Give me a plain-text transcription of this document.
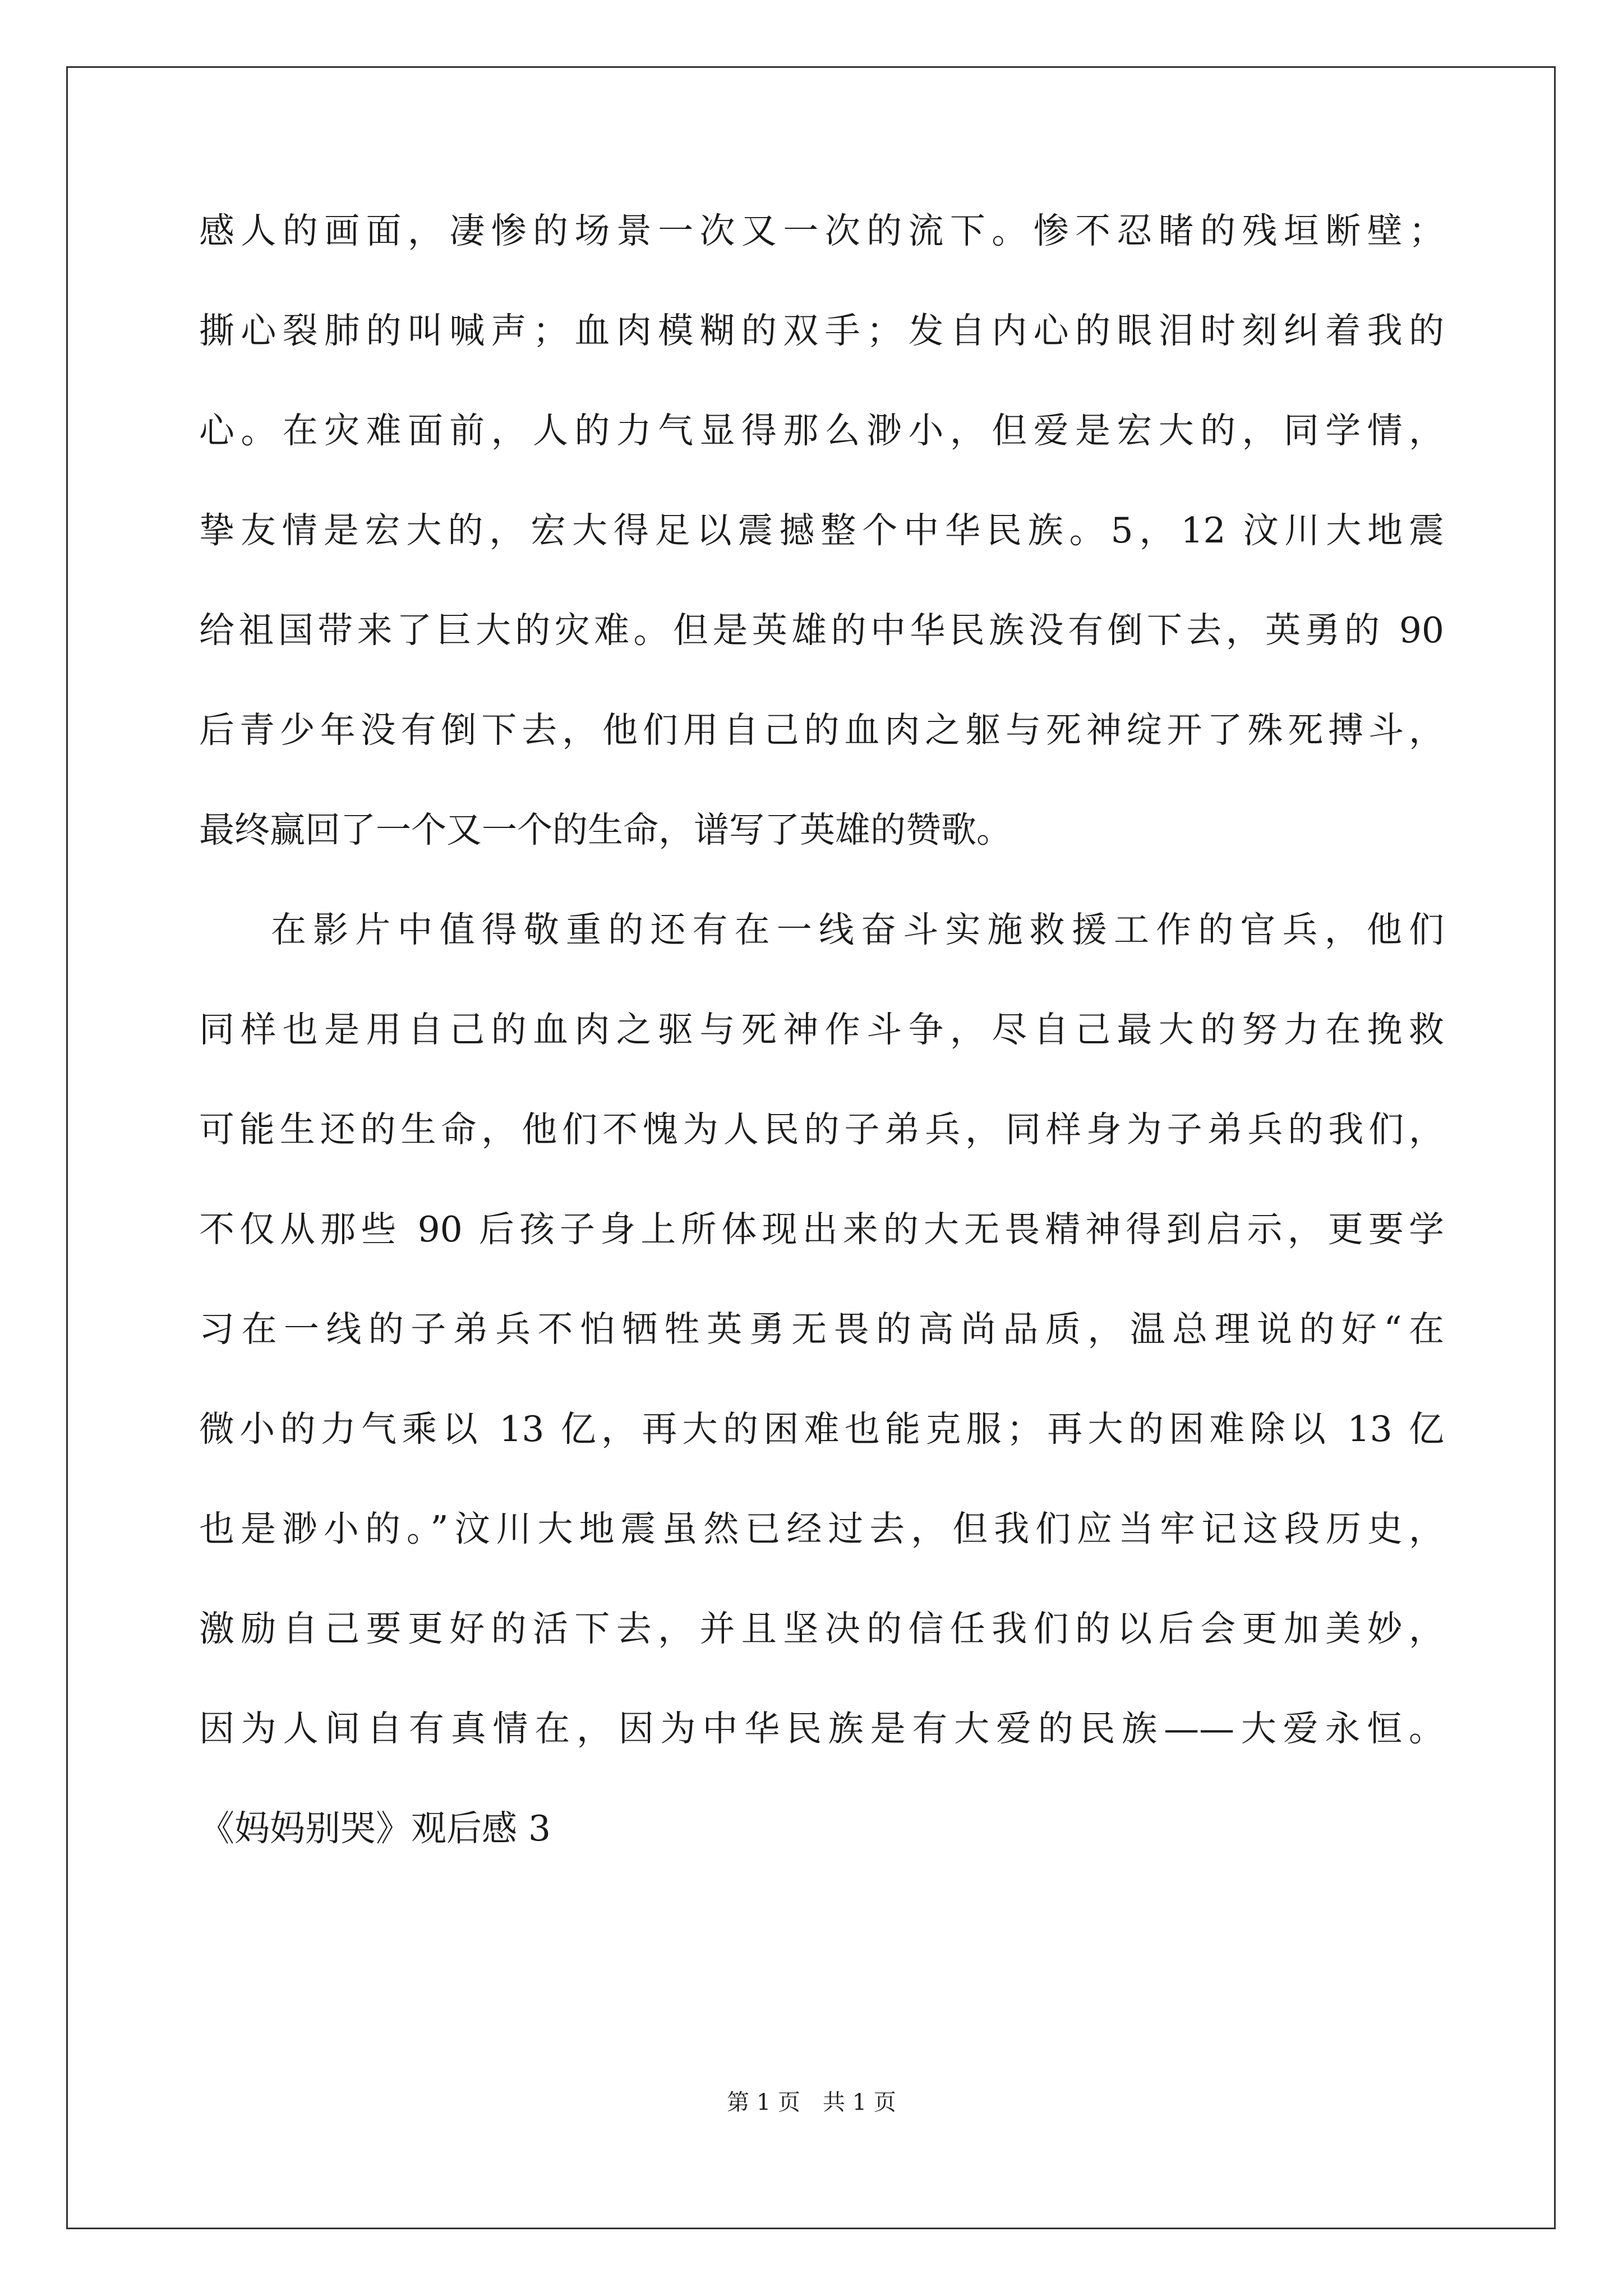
感人的画面，凄惨的场景一次又一次的流下。惨不忍睹的残垣断壁；
撕心裂肺的叫喊声；血肉模糊的双手；发自内心的眼泪时刻纠着我的
心。在灾难面前，人的力气显得那么渺小，但爱是宏大的，同学情，
挚友情是宏大的，宏大得足以震撼整个中华民族。5，12 汶川大地震
给祖国带来了巨大的灾难。但是英雄的中华民族没有倒下去，英勇的 90
后青少年没有倒下去，他们用自己的血肉之躯与死神绽开了殊死搏斗，
最终赢回了一个又一个的生命，谱写了英雄的赞歌。
在影片中值得敬重的还有在一线奋斗实施救援工作的官兵，他们
同样也是用自己的血肉之驱与死神作斗争，尽自己最大的努力在挽救
可能生还的生命，他们不愧为人民的子弟兵，同样身为子弟兵的我们，
不仅从那些 90 后孩子身上所体现出来的大无畏精神得到启示，更要学
习在一线的子弟兵不怕牺牲英勇无畏的高尚品质，温总理说的好“在
微小的力气乘以 13 亿，再大的困难也能克服；再大的困难除以 13 亿
也是渺小的。”汶川大地震虽然已经过去，但我们应当牢记这段历史，
激励自己要更好的活下去，并且坚决的信任我们的以后会更加美妙，
因为人间自有真情在，因为中华民族是有大爱的民族——大爱永恒。
《妈妈别哭》观后感 3
第 1 页　共 1 页
